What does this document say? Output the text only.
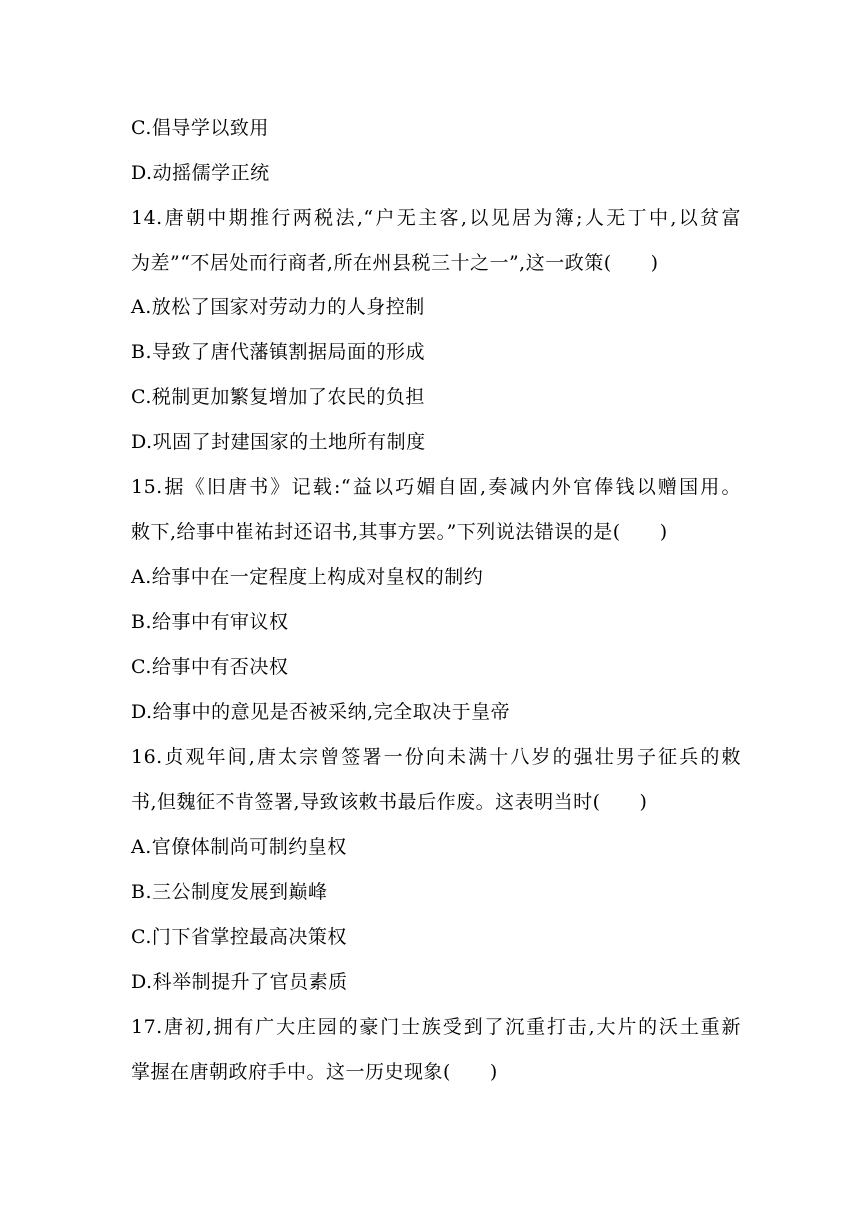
C.倡导学以致用
D.动摇儒学正统
14.唐朝中期推行两税法,“户无主客,以见居为簿;人无丁中,以贫富
为差”“不居处而行商者,所在州县税三十之一”,这一政策(　　)
A.放松了国家对劳动力的人身控制
B.导致了唐代藩镇割据局面的形成
C.税制更加繁复增加了农民的负担
D.巩固了封建国家的土地所有制度
15.据《旧唐书》记载:“益以巧媚自固,奏减内外官俸钱以赠国用。
敕下,给事中崔祐封还诏书,其事方罢。”下列说法错误的是(　　)
A.给事中在一定程度上构成对皇权的制约
B.给事中有审议权
C.给事中有否决权
D.给事中的意见是否被采纳,完全取决于皇帝
16.贞观年间,唐太宗曾签署一份向未满十八岁的强壮男子征兵的敕
书,但魏征不肯签署,导致该敕书最后作废。这表明当时(　　)
A.官僚体制尚可制约皇权
B.三公制度发展到巅峰
C.门下省掌控最高决策权
D.科举制提升了官员素质
17.唐初,拥有广大庄园的豪门士族受到了沉重打击,大片的沃土重新
掌握在唐朝政府手中。这一历史现象(　　)
